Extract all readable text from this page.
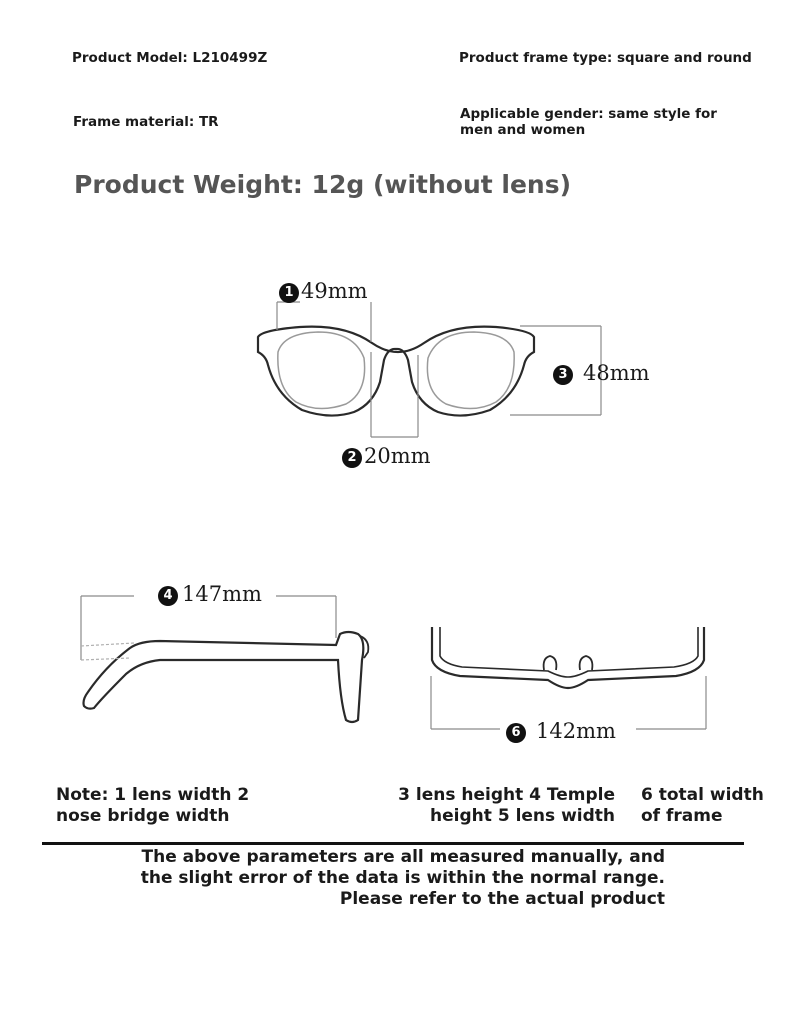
Product Model: L210499Z	Product frame type: square and round
Frame material: TR	Applicable gender: same style for men and women
Product Weight: 12g (without lens)
1 49mm
2 20mm
3 48mm
4 147mm
6 142mm
Note: 1 lens width 2 nose bridge width
3 lens height 4 Temple height 5 lens width
6 total width of frame
The above parameters are all measured manually, and the slight error of the data is within the normal range. Please refer to the actual product
